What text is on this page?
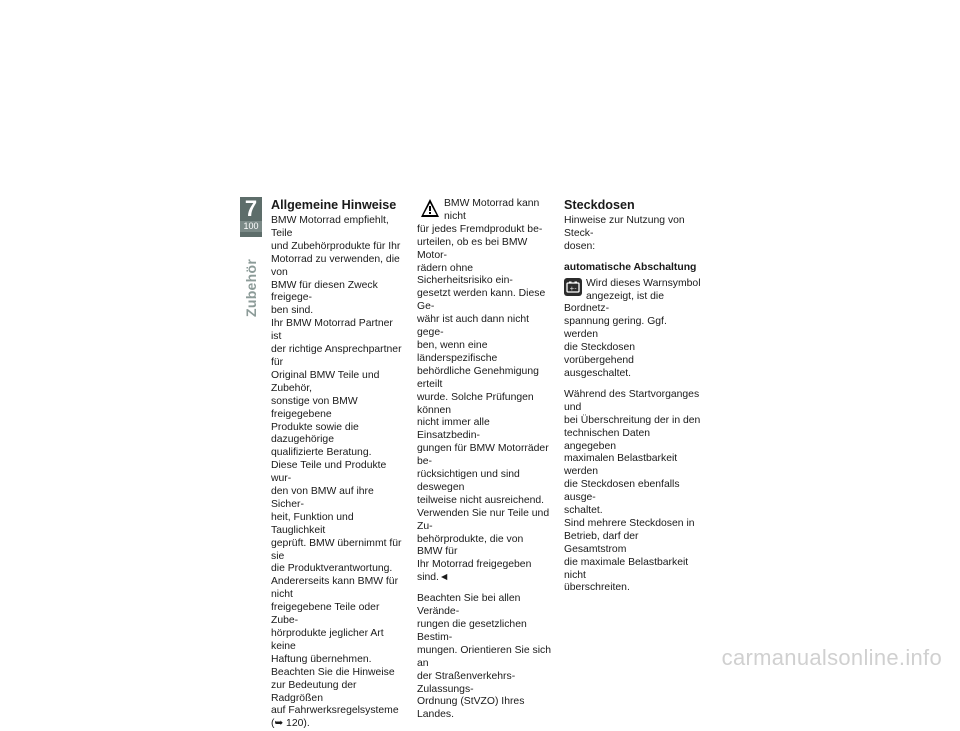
7
100
Zubehör
Allgemeine Hinweise

BMW Motorrad empfiehlt, Teile

und Zubehörprodukte für Ihr

Motorrad zu verwenden, die von

BMW für diesen Zweck freigege-

ben sind.

Ihr BMW Motorrad Partner ist

der richtige Ansprechpartner für

Original BMW Teile und Zubehör,

sonstige von BMW freigegebene

Produkte sowie die dazugehörige

qualifizierte Beratung.

Diese Teile und Produkte wur-

den von BMW auf ihre Sicher-

heit, Funktion und Tauglichkeit

geprüft. BMW übernimmt für sie

die Produktverantwortung.

Andererseits kann BMW für nicht

freigegebene Teile oder Zube-

hörprodukte jeglicher Art keine

Haftung übernehmen.

Beachten Sie die Hinweise

zur Bedeutung der Radgrößen

auf Fahrwerksregelsysteme

(➥ 120).

BMW Motorrad kann nicht

für jedes Fremdprodukt be-

urteilen, ob es bei BMW Motor-

rädern ohne Sicherheitsrisiko ein-

gesetzt werden kann. Diese Ge-

währ ist auch dann nicht gege-

ben, wenn eine länderspezifische

behördliche Genehmigung erteilt

wurde. Solche Prüfungen können

nicht immer alle Einsatzbedin-

gungen für BMW Motorräder be-

rücksichtigen und sind deswegen

teilweise nicht ausreichend.

Verwenden Sie nur Teile und Zu-

behörprodukte, die von BMW für

Ihr Motorrad freigegeben sind.◄

Beachten Sie bei allen Verände-

rungen die gesetzlichen Bestim-

mungen. Orientieren Sie sich an

der Straßenverkehrs-Zulassungs-

Ordnung (StVZO) Ihres Landes.

Steckdosen

Hinweise zur Nutzung von Steck-

dosen:

automatische Abschaltung
+- Wird dieses Warnsymbol

angezeigt, ist die Bordnetz-

spannung gering. Ggf. werden

die Steckdosen vorübergehend

ausgeschaltet.

Während des Startvorganges und

bei Überschreitung der in den

technischen Daten angegeben

maximalen Belastbarkeit werden

die Steckdosen ebenfalls ausge-

schaltet.

Sind mehrere Steckdosen in

Betrieb, darf der Gesamtstrom

die maximale Belastbarkeit nicht

überschreiten.

carmanualsonline.info
